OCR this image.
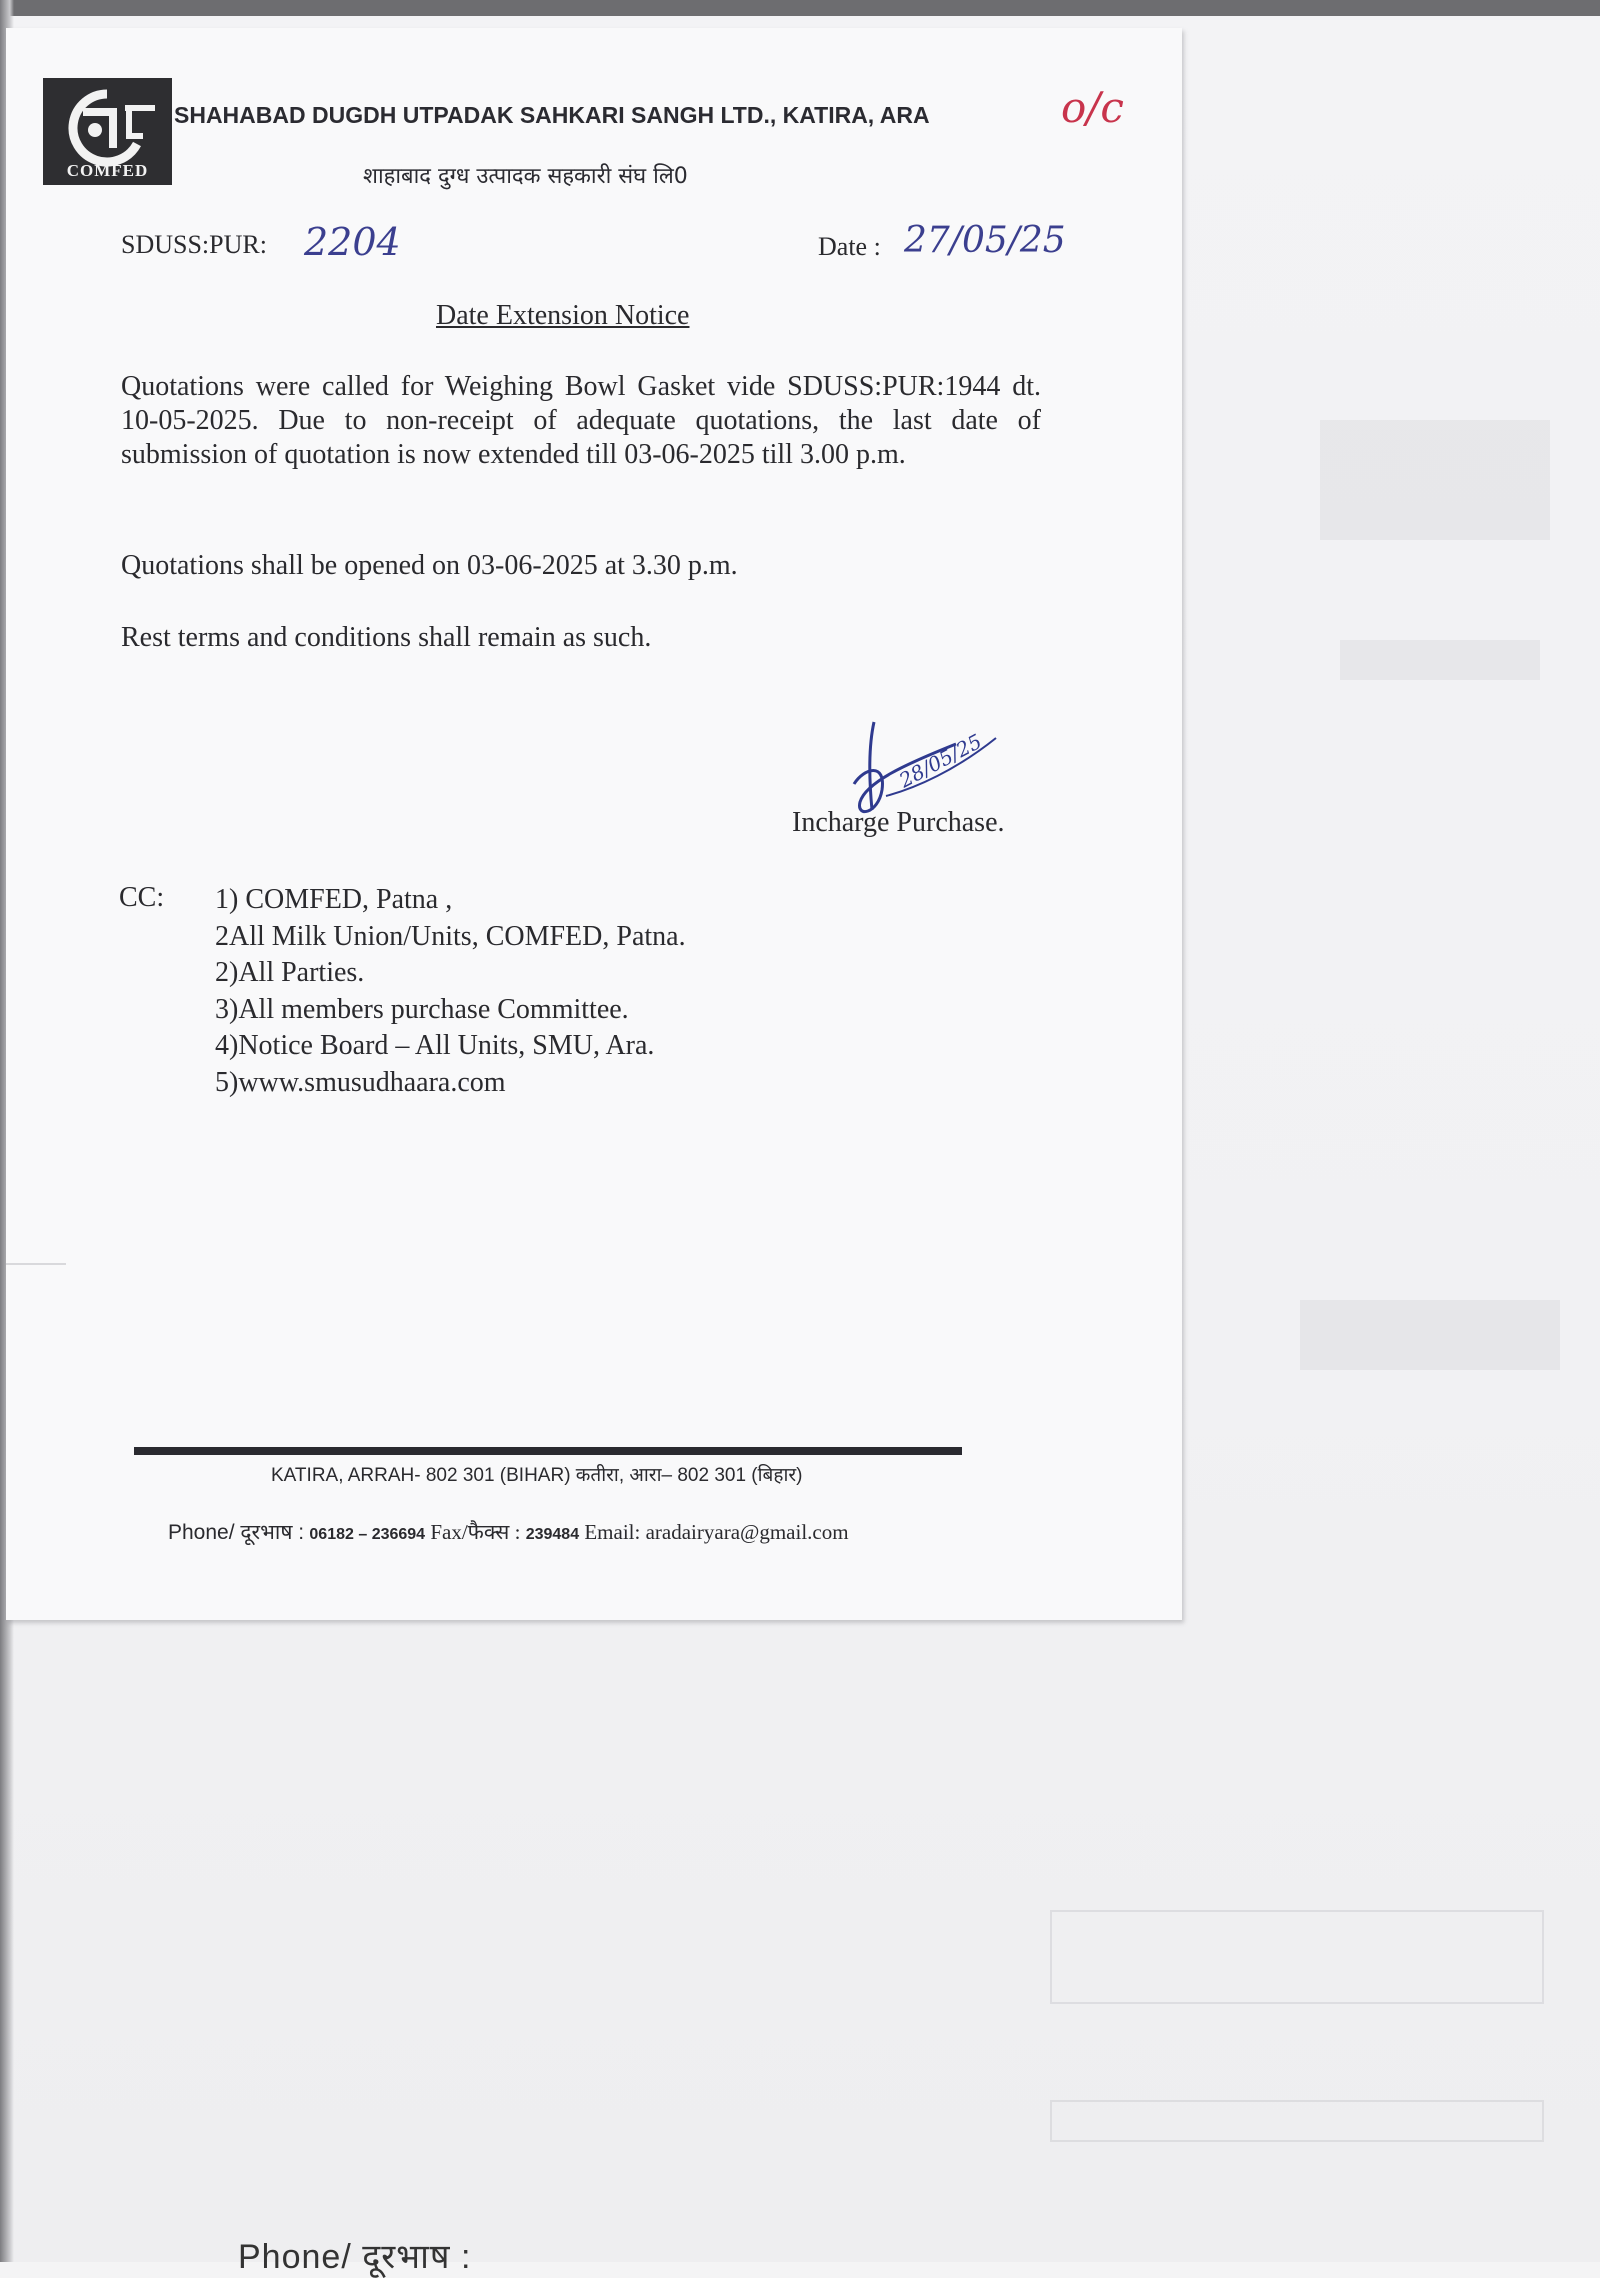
Phone/ दूरभाष :
COMFED
SHAHABAD DUGDH UTPADAK SAHKARI SANGH LTD., KATIRA, ARA
शाहाबाद दुग्ध उत्पादक सहकारी संघ लि0
o/c
SDUSS:PUR: 2204	Date : 27/05/25
Date Extension Notice

Quotations were called for Weighing Bowl Gasket vide SDUSS:PUR:1944 dt. 10-05-2025. Due to non-receipt of adequate quotations, the last date of submission of quotation is now extended till 03-06-2025 till 3.00 p.m.

Quotations shall be opened on 03-06-2025 at 3.30 p.m.
Rest terms and conditions shall remain as such.
28/05/25
Incharge Purchase.
CC: 1) COMFED, Patna ,
2All Milk Union/Units, COMFED, Patna.
2)All Parties.
3)All members purchase Committee.
4)Notice Board – All Units, SMU, Ara.
5)www.smusudhaara.com
KATIRA, ARRAH- 802 301 (BIHAR) कतीरा, आरा– 802 301 (बिहार)
Phone/ दूरभाष : 06182 – 236694 Fax/फैक्स : 239484 Email: aradairyara@gmail.com
